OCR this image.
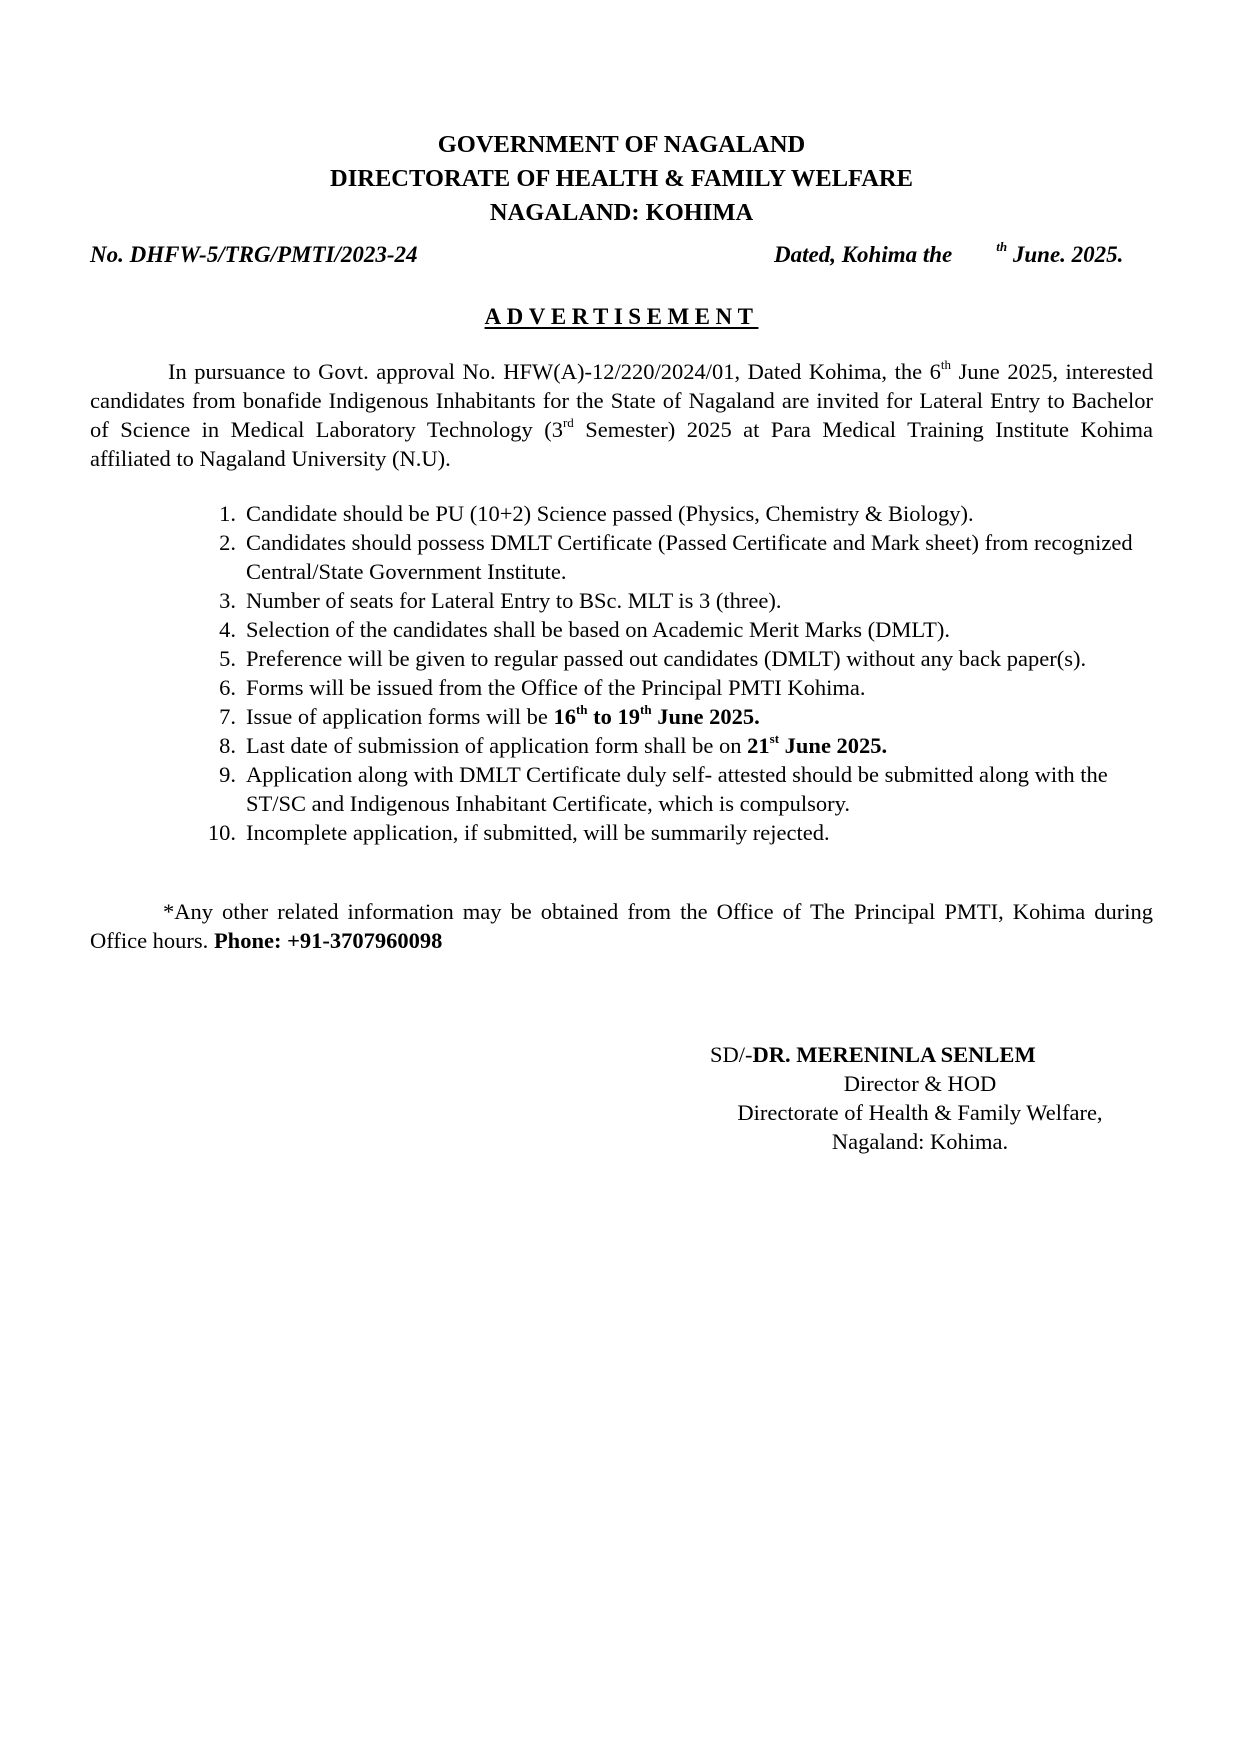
GOVERNMENT OF NAGALAND
DIRECTORATE OF HEALTH & FAMILY WELFARE
NAGALAND: KOHIMA
No. DHFW-5/TRG/PMTI/2023-24	Dated, Kohima the	$^{th}$ June. 2025.
ADVERTISEMENT

In pursuance to Govt. approval No. HFW(A)-12/220/2024/01, Dated Kohima, the 6th June 2025, interested candidates from bonafide Indigenous Inhabitants for the State of Nagaland are invited for Lateral Entry to Bachelor of Science in Medical Laboratory Technology (3rd Semester) 2025 at Para Medical Training Institute Kohima affiliated to Nagaland University (N.U).

1. Candidate should be PU (10+2) Science passed (Physics, Chemistry & Biology).
2. Candidates should possess DMLT Certificate (Passed Certificate and Mark sheet) from recognized Central/State Government Institute.
3. Number of seats for Lateral Entry to BSc. MLT is 3 (three).
4. Selection of the candidates shall be based on Academic Merit Marks (DMLT).
5. Preference will be given to regular passed out candidates (DMLT) without any back paper(s).
6. Forms will be issued from the Office of the Principal PMTI Kohima.
7. Issue of application forms will be 16th to 19th June 2025.
8. Last date of submission of application form shall be on 21st June 2025.
9. Application along with DMLT Certificate duly self- attested should be submitted along with the ST/SC and Indigenous Inhabitant Certificate, which is compulsory.
10. Incomplete application, if submitted, will be summarily rejected.

*Any other related information may be obtained from the Office of The Principal PMTI, Kohima during Office hours. Phone: +91-3707960098

SD/-DR. MERENINLA SENLEM
Director & HOD
Directorate of Health & Family Welfare,
Nagaland: Kohima.
